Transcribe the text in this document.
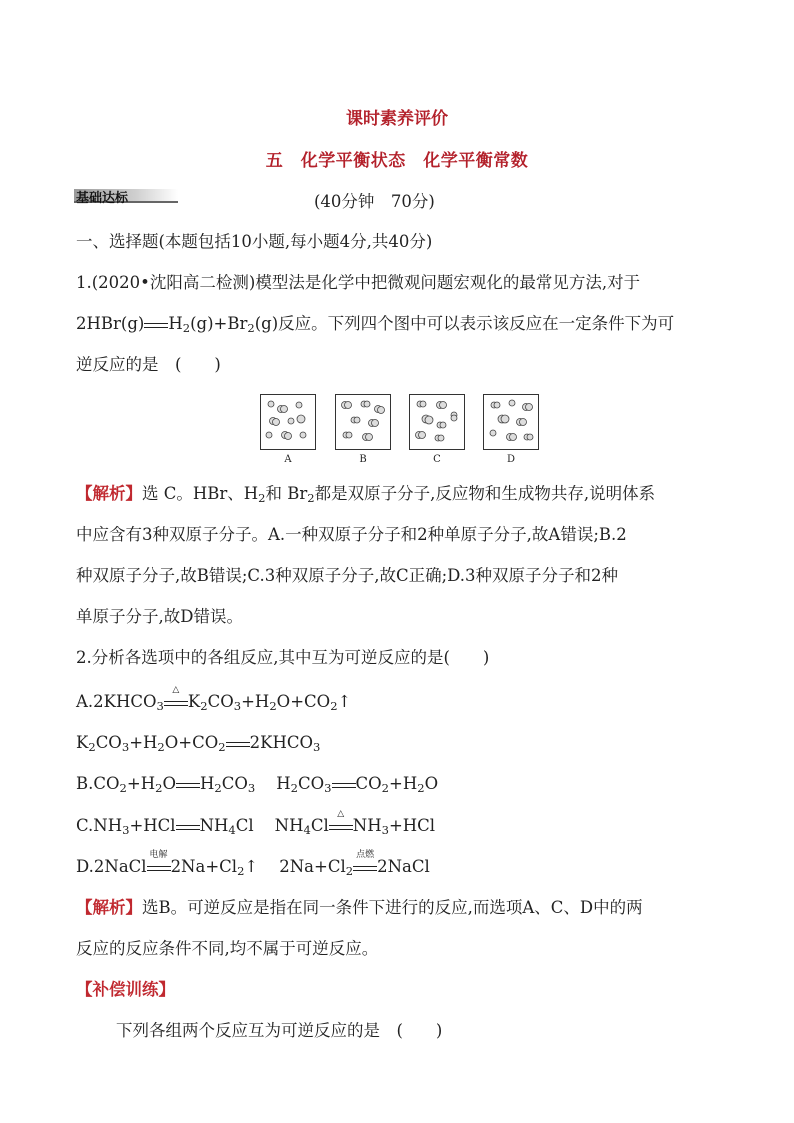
课时素养评价
五　化学平衡状态　化学平衡常数
基础达标	(40分钟　70分)
一、选择题(本题包括10小题,每小题4分,共40分)
1.(2020•沈阳高二检测)模型法是化学中把微观问题宏观化的最常见方法,对于
2HBr(g) $H_2(g)+Br_2(g)$反应。下列四个图中可以表示该反应在一定条件下为可
逆反应的是　(　　)
A	B	C	D
【解析】选 C。HBr、$H_2$和 $Br_2$都是双原子分子,反应物和生成物共存,说明体系
中应含有3种双原子分子。A.一种双原子分子和2种单原子分子,故A错误;B.2
种双原子分子,故B错误;C.3种双原子分子,故C正确;D.3种双原子分子和2种
单原子分子,故D错误。
2.分析各选项中的各组反应,其中互为可逆反应的是(　　)
$A.2KHCO_3$
△
$K_2CO_3+H_2O+CO_2↑$
$K_2CO_3+H_2O+CO_2$ $2KHCO_3$
$B.CO_2+H_2O$ $H_2CO_3$ $H_2CO_3$ $CO_2+H_2O$
$C.NH_3+HCl$ $NH_4Cl$ $NH_4Cl$
△
$NH_3+HCl$
D.2NaCl
电解
$2Na+Cl_2↑$ $2Na+Cl_2$
点燃
2NaCl
【解析】选B。可逆反应是指在同一条件下进行的反应,而选项A、C、D中的两
反应的反应条件不同,均不属于可逆反应。
【补偿训练】
下列各组两个反应互为可逆反应的是　(　　)
